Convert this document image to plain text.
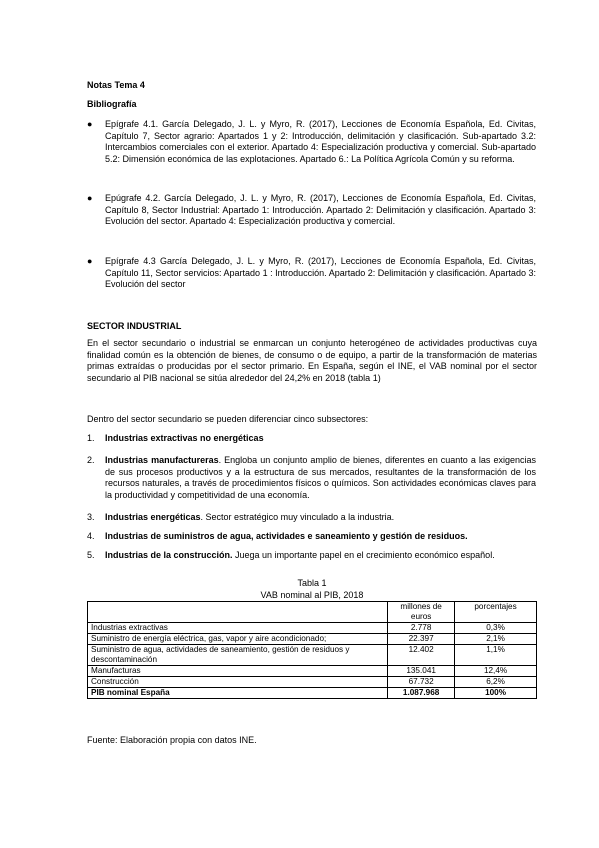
Notas Tema 4
Bibliografía
● Epígrafe 4.1. García Delegado, J. L. y Myro, R. (2017), Lecciones de Economía Española, Ed. Civitas, Capítulo 7, Sector agrario: Apartados 1 y 2: Introducción, delimitación y clasificación. Sub-apartado 3.2: Intercambios comerciales con el exterior. Apartado 4: Especialización productiva y comercial. Sub-apartado 5.2: Dimensión económica de las explotaciones. Apartado 6.: La Política Agrícola Común y su reforma.
● Epúgrafe 4.2. García Delegado, J. L. y Myro, R. (2017), Lecciones de Economía Española, Ed. Civitas, Capítulo 8, Sector Industrial: Apartado 1: Introducción. Apartado 2: Delimitación y clasificación. Apartado 3: Evolución del sector. Apartado 4: Especialización productiva y comercial.
● Epígrafe 4.3 García Delegado, J. L. y Myro, R. (2017), Lecciones de Economía Española, Ed. Civitas, Capítulo 11, Sector servicios: Apartado 1 : Introducción. Apartado 2: Delimitación y clasificación. Apartado 3: Evolución del sector
SECTOR INDUSTRIAL
En el sector secundario o industrial se enmarcan un conjunto heterogéneo de actividades productivas cuya finalidad común es la obtención de bienes, de consumo o de equipo, a partir de la transformación de materias primas extraídas o producidas por el sector primario. En España, según el INE, el VAB nominal por el sector secundario al PIB nacional se sitúa alrededor del 24,2% en 2018 (tabla 1)
Dentro del sector secundario se pueden diferenciar cinco subsectores:
1. Industrias extractivas no energéticas
2. Industrias manufactureras. Engloba un conjunto amplio de bienes, diferentes en cuanto a las exigencias de sus procesos productivos y a la estructura de sus mercados, resultantes de la transformación de los recursos naturales, a través de procedimientos físicos o químicos. Son actividades económicas claves para la productividad y competitividad de una economía.
3. Industrias energéticas. Sector estratégico muy vinculado a la industria.
4. Industrias de suministros de agua, actividades e saneamiento y gestión de residuos.
5. Industrias de la construcción. Juega un importante papel en el crecimiento económico español.
Tabla 1
VAB nominal al PIB, 2018
	millones de euros	porcentajes
Industrias extractivas	2.778	0,3%
Suministro de energía eléctrica, gas, vapor y aire acondicionado;	22.397	2,1%
Suministro de agua, actividades de saneamiento, gestión de residuos y descontaminación	12.402	1,1%
Manufacturas	135.041	12,4%
Construcción	67.732	6,2%
PIB nominal España	1.087.968	100%
Fuente: Elaboración propia con datos INE.
